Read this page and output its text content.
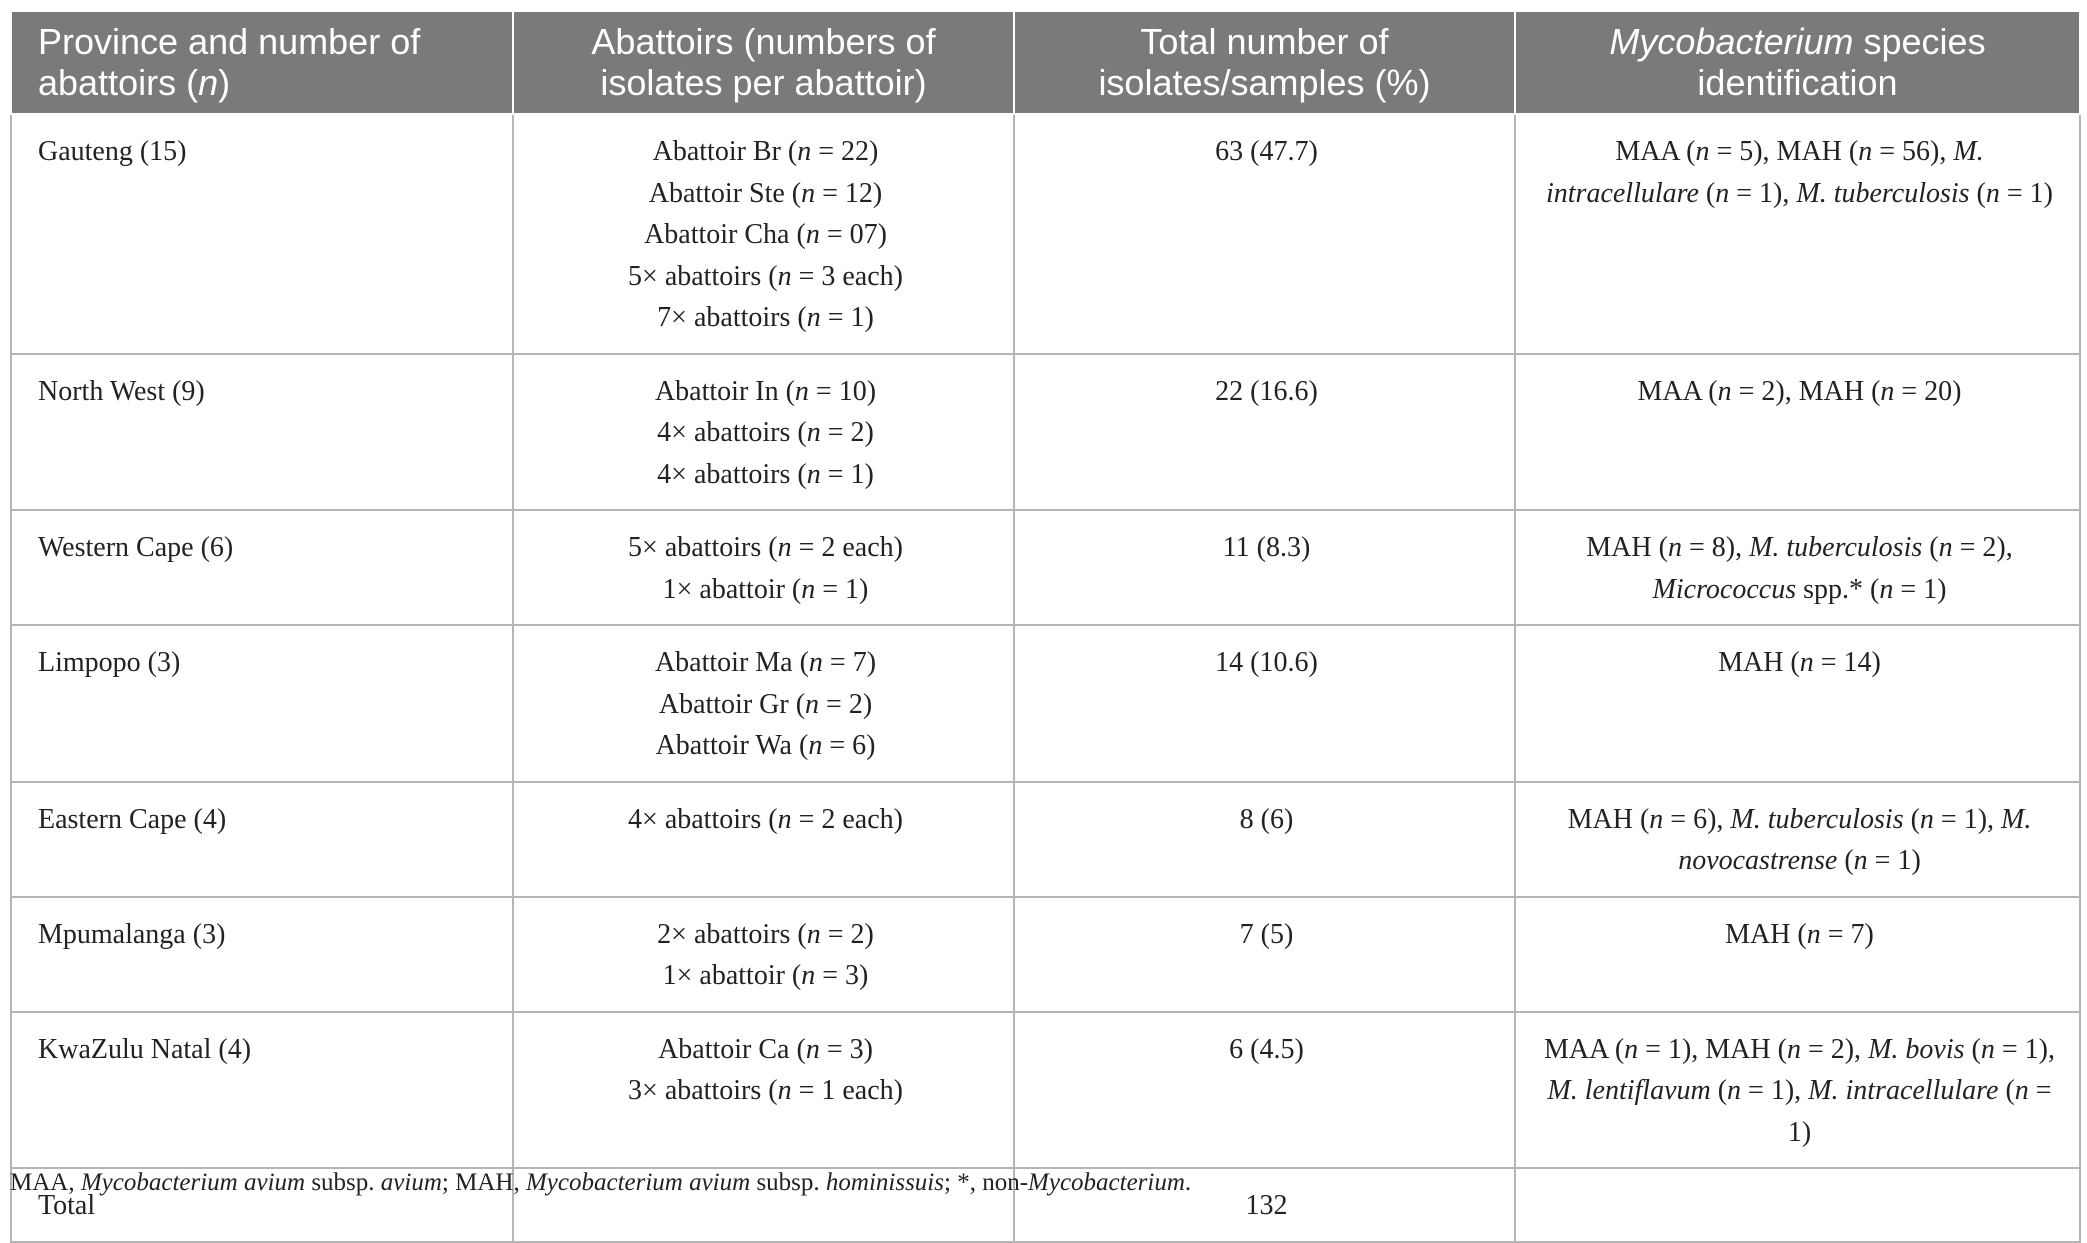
Province and number of abattoirs (n)	Abattoirs (numbers of isolates per abattoir)	Total number of isolates/samples (%)	Mycobacterium species identification
Gauteng (15)	Abattoir Br (n = 22)
Abattoir Ste (n = 12)
Abattoir Cha (n = 07)
5× abattoirs (n = 3 each)
7× abattoirs (n = 1)	63 (47.7)	MAA (n = 5), MAH (n = 56), M. intracellulare (n = 1), M. tuberculosis (n = 1)

North West (9)	Abattoir In (n = 10)
4× abattoirs (n = 2)
4× abattoirs (n = 1)	22 (16.6)	MAA (n = 2), MAH (n = 20)

Western Cape (6)	5× abattoirs (n = 2 each)
1× abattoir (n = 1)	11 (8.3)	MAH (n = 8), M. tuberculosis (n = 2), Micrococcus spp.* (n = 1)

Limpopo (3)	Abattoir Ma (n = 7)
Abattoir Gr (n = 2)
Abattoir Wa (n = 6)	14 (10.6)	MAH (n = 14)

Eastern Cape (4)	4× abattoirs (n = 2 each)	8 (6)	MAH (n = 6), M. tuberculosis (n = 1), M. novocastrense (n = 1)

Mpumalanga (3)	2× abattoirs (n = 2)
1× abattoir (n = 3)	7 (5)	MAH (n = 7)

KwaZulu Natal (4)	Abattoir Ca (n = 3)
3× abattoirs (n = 1 each)	6 (4.5)	MAA (n = 1), MAH (n = 2), M. bovis (n = 1), M. lentiflavum (n = 1), M. intracellulare (n = 1)

Total		132	
MAA, Mycobacterium avium subsp. avium; MAH, Mycobacterium avium subsp. hominissuis; *, non-Mycobacterium.
